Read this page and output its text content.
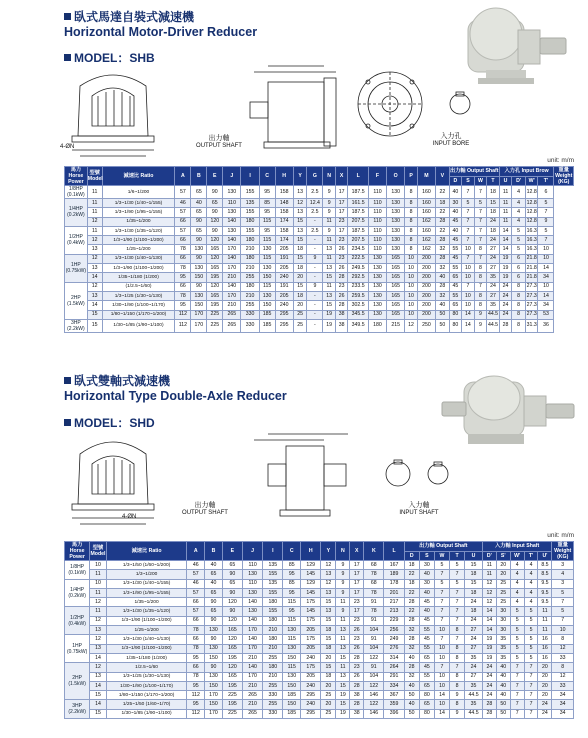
臥式馬達自裝式減速機
Horizontal Motor-Driver Reducer
MODEL：SHB
4-ØN
出力軸
OUTPUT SHAFT
入力孔
INPUT BORE
unit: m/m
馬力 Horse Power	型號 Model	減速比 Ratio	A	B	E	J	I	C	H	Y	G	N	X	L	F	O	P	M	V	出力軸 Output Shaft				入力孔 Input Brow				重量 Weight (KG)
																				D	S	W	T	U	D'	W'	T'	
1/8HP (0.1kW)	11	1/6~1/200	57	65	90	130	155	95	158	13	2.5	9	17	187.5	110	130	8	160	22	40	7	7	18	11	4	12.8	6	
1/4HP (0.2kW)	11	1/3~1/30 (1/40~1/155)	46	40	65	110	135	85	148	12	12.4	9	17	161.5	110	130	8	160	18	30	5	5	15	11	4	12.8	5	
	11	1/3~1/90 (1/95~1/155)	57	65	90	130	155	95	158	13	2.5	9	17	187.5	110	130	8	160	22	40	7	7	18	11	4	12.8	7	
	12	1/35~1/200	66	90	120	140	180	115	174	15	-	11	23	207.5	110	130	8	162	28	45	7	7	24	11	4	12.8	9	
1/2HP (0.4kW)	11	1/3~1/30 (1/35~1/120)	57	65	90	130	155	95	158	13	2.5	9	17	187.5	110	130	8	160	22	40	7	7	18	14	5	16.3	5	
	12	1/3~1/90 (1/100~1/200)	66	90	120	140	180	115	174	15	-	11	23	207.5	110	130	8	162	28	45	7	7	24	14	5	16.3	7	
	13	1/25~1/200	78	130	165	170	210	130	205	18	-	13	26	234.5	110	130	8	162	32	55	10	8	27	14	5	16.3	10	
1HP (0.75kW)	12	1/3~1/30 (1/40~1/130)	66	90	120	140	180	115	191	15	9	11	23	222.5	130	165	10	200	28	45	7	7	24	19	6	21.8	10	
	13	1/3~1/90 (1/100~1/200)	78	130	165	170	210	130	205	18	-	13	26	249.5	130	165	10	200	32	55	10	8	27	19	6	21.8	14	
	14	1/35~1/180 (1/200)	95	150	195	210	255	150	240	20	-	15	28	292.5	130	165	10	200	40	65	10	8	35	19	6	21.8	34	
2HP (1.5kW)	12	(1/2.5~1/60)	66	90	120	140	180	115	191	15	9	11	23	233.5	130	165	10	200	28	45	7	7	24	24	8	27.3	10	
	13	1/3~1/25 (1/30~1/130)	78	130	165	170	210	130	205	18	-	13	26	259.5	130	165	10	200	32	55	10	8	27	24	8	27.3	14	
	14	1/30~1/90 (1/100~1/170)	95	150	195	210	255	150	240	20	-	15	28	302.5	130	165	10	200	40	65	10	8	35	24	8	27.3	34	
	15	1/80~1/150 (1/170~1/200)	112	170	225	265	330	185	295	25	-	19	38	345.5	130	165	10	200	50	80	14	9	44.5	24	8	27.3	53	
3HP (2.2kW)	15	1/30~1/85 (1/90~1/100)	112	170	225	265	330	185	295	25	-	19	38	349.5	180	215	12	250	50	80	14	9	44.5	28	8	31.3	36	
臥式雙軸式減速機
Horizontal Type Double-Axle Reducer
MODEL：SHD
4-ØN
出力軸
OUTPUT SHAFT
入力軸
INPUT SHAFT
unit: m/m
馬力 Horse Power	型號 Model	減速比 Ratio	A	B	E	J	I	C	H	Y	N	X	K	L	出力軸 Output Shaft					入力軸 Input Shaft					重量 Weight (KG)
															D	S	W	T	U	D'	S'	W'	T'	U'	
1/8HP (0.1kW)	10	1/3~1/50 (1/60~1/200)	46	40	65	110	135	85	129	12	9	17	68	167	18	30	5	5	15	11	20	4	4	8.5	3
	11	1/3~1/200	57	65	90	130	155	95	145	13	9	17	78	189	22	40	7	7	18	11	20	4	4	8.5	4
1/4HP (0.2kW)	10	1/3~1/30 (1/40~1/155)	46	40	65	110	135	85	129	12	9	17	68	178	18	30	5	5	15	12	25	4	4	9.5	3
	11	1/3~1/90 (1/95~1/155)	57	65	90	130	155	95	145	13	9	17	78	201	22	40	7	7	18	12	25	4	4	9.5	5
	12	1/35~1/200	66	90	120	140	180	115	175	15	11	23	91	217	28	45	7	7	24	12	25	4	4	9.5	7
1/2HP (0.4kW)	11	1/3~1/30 (1/35~1/120)	57	65	90	130	155	95	145	13	9	17	78	213	22	40	7	7	18	14	30	5	5	11	5
	12	1/3~1/90 (1/100~1/200)	66	90	120	140	180	115	175	15	11	23	91	229	28	45	7	7	24	14	30	5	5	11	7
	13	1/25~1/200	78	130	165	170	210	130	205	18	13	26	104	256	32	55	10	8	27	14	30	5	5	11	10
1HP (0.75kW)	12	1/3~1/30 (1/40~1/130)	66	90	120	140	180	115	175	15	11	23	91	249	28	45	7	7	24	19	35	5	5	16	8
	13	1/3~1/90 (1/100~1/200)	78	130	165	170	210	130	205	18	13	26	104	276	32	55	10	8	27	19	35	5	5	16	12
	14	1/35~1/180 (1/200)	95	150	195	210	255	150	240	20	15	28	122	314	40	65	10	8	35	19	35	5	5	16	33
2HP (1.5kW)	12	1/2.5~1/60	66	90	120	140	180	115	175	15	11	23	91	264	28	45	7	7	24	24	40	7	7	20	8
	13	1/3~1/25 (1/30~1/130)	78	130	165	170	210	130	205	18	13	26	104	291	32	55	10	8	27	24	40	7	7	20	12
	14	1/30~1/90 (1/100~1/170)	95	150	195	210	255	150	240	20	15	28	122	334	40	65	10	8	35	24	40	7	7	20	33
	15	1/80~1/150 (1/170~1/200)	112	170	225	265	330	185	295	25	19	38	146	367	50	80	14	9	44.5	24	40	7	7	20	34
3HP (2.2kW)	14	1/25~1/50 (1/60~1/70)	95	150	195	210	255	150	240	20	15	28	122	359	40	65	10	8	35	28	50	7	7	24	34
	15	1/30~1/85 (1/90~1/100)	112	170	225	265	330	185	295	25	19	38	146	396	50	80	14	9	44.5	28	50	7	7	24	34
